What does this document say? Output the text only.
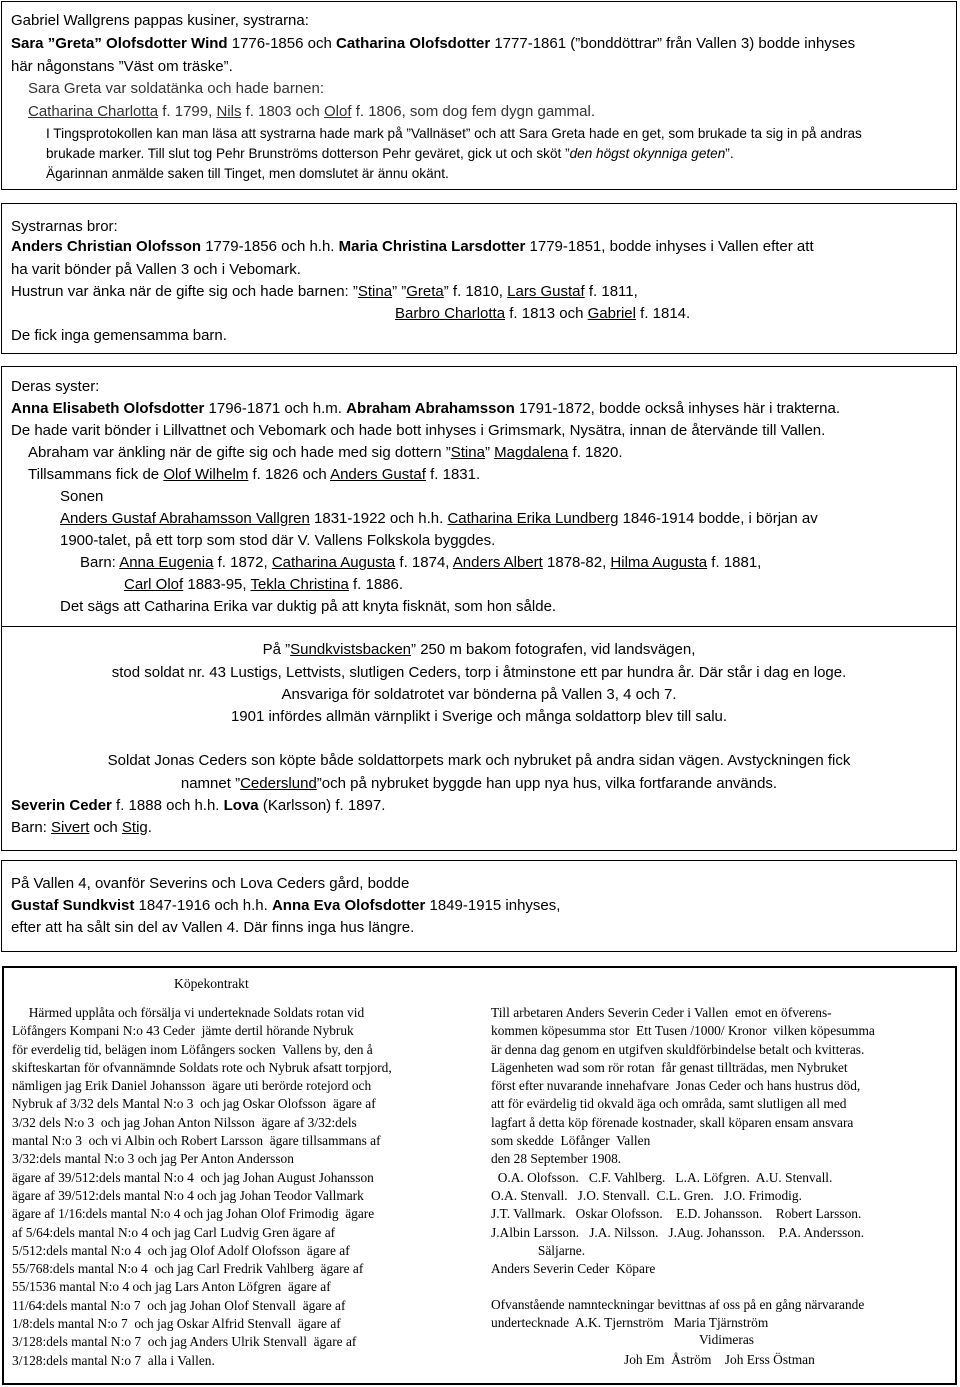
Gabriel Wallgrens pappas kusiner, systrarna:
Sara ”Greta” Olofsdotter Wind 1776-1856 och Catharina Olofsdotter 1777-1861 (”bonddöttrar” från Vallen 3) bodde inhyses
här någonstans ”Väst om träske”.
Sara Greta var soldatänka och hade barnen:
Catharina Charlotta f. 1799, Nils f. 1803 och Olof f. 1806, som dog fem dygn gammal.
I Tingsprotokollen kan man läsa att systrarna hade mark på ”Vallnäset” och att Sara Greta hade en get, som brukade ta sig in på andras
brukade marker. Till slut tog Pehr Brunströms dotterson Pehr geväret, gick ut och sköt ”den högst okynniga geten”.
Ägarinnan anmälde saken till Tinget, men domslutet är ännu okänt.
Systrarnas bror:
Anders Christian Olofsson 1779-1856 och h.h. Maria Christina Larsdotter 1779-1851, bodde inhyses i Vallen efter att
ha varit bönder på Vallen 3 och i Vebomark.
Hustrun var änka när de gifte sig och hade barnen: ”Stina” ”Greta” f. 1810, Lars Gustaf f. 1811,
Barbro Charlotta f. 1813 och Gabriel f. 1814.
De fick inga gemensamma barn.
Deras syster:
Anna Elisabeth Olofsdotter 1796-1871 och h.m. Abraham Abrahamsson 1791-1872, bodde också inhyses här i trakterna.
De hade varit bönder i Lillvattnet och Vebomark och hade bott inhyses i Grimsmark, Nysätra, innan de återvände till Vallen.
Abraham var änkling när de gifte sig och hade med sig dottern ”Stina” Magdalena f. 1820.
Tillsammans fick de Olof Wilhelm f. 1826 och Anders Gustaf f. 1831.
Sonen
Anders Gustaf Abrahamsson Vallgren 1831-1922 och h.h. Catharina Erika Lundberg 1846-1914 bodde, i början av
1900-talet, på ett torp som stod där V. Vallens Folkskola byggdes.
Barn: Anna Eugenia f. 1872, Catharina Augusta f. 1874, Anders Albert 1878-82, Hilma Augusta f. 1881,
Carl Olof 1883-95, Tekla Christina f. 1886.
Det sägs att Catharina Erika var duktig på att knyta fisknät, som hon sålde.
På ”Sundkvistsbacken” 250 m bakom fotografen, vid landsvägen,
stod soldat nr. 43 Lustigs, Lettvists, slutligen Ceders, torp i åtminstone ett par hundra år. Där står i dag en loge.
Ansvariga för soldatrotet var bönderna på Vallen 3, 4 och 7.
1901 infördes allmän värnplikt i Sverige och många soldattorp blev till salu.
Soldat Jonas Ceders son köpte både soldattorpets mark och nybruket på andra sidan vägen. Avstyckningen fick
namnet ”Cederslund”och på nybruket byggde han upp nya hus, vilka fortfarande används.
Severin Ceder f. 1888 och h.h. Lova (Karlsson) f. 1897.
Barn: Sivert och Stig.
På Vallen 4, ovanför Severins och Lova Ceders gård, bodde
Gustaf Sundkvist 1847-1916 och h.h. Anna Eva Olofsdotter 1849-1915 inhyses,
efter att ha sålt sin del av Vallen 4. Där finns inga hus längre.
Köpekontrakt
Härmed upplåta och försälja vi underteknade Soldats rotan vid
Löfångers Kompani N:o 43 Ceder  jämte dertil hörande Nybruk
för everdelig tid, belägen inom Löfångers socken  Vallens by, den å
skifteskartan för ofvannämnde Soldats rote och Nybruk afsatt torpjord,
nämligen jag Erik Daniel Johansson  ägare uti berörde rotejord och
Nybruk af 3/32 dels Mantal N:o 3  och jag Oskar Olofsson  ägare af
3/32 dels N:o 3  och jag Johan Anton Nilsson  ägare af 3/32:dels
mantal N:o 3  och vi Albin och Robert Larsson  ägare tillsammans af
3/32:dels mantal N:o 3 och jag Per Anton Andersson
ägare af 39/512:dels mantal N:o 4  och jag Johan August Johansson
ägare af 39/512:dels mantal N:o 4 och jag Johan Teodor Vallmark
ägare af 1/16:dels mantal N:o 4 och jag Johan Olof Frimodig  ägare
af 5/64:dels mantal N:o 4 och jag Carl Ludvig Gren ägare af
5/512:dels mantal N:o 4  och jag Olof Adolf Olofsson  ägare af
55/768:dels mantal N:o 4  och jag Carl Fredrik Vahlberg  ägare af
55/1536 mantal N:o 4 och jag Lars Anton Löfgren  ägare af
11/64:dels mantal N:o 7  och jag Johan Olof Stenvall  ägare af
1/8:dels mantal N:o 7  och jag Oskar Alfrid Stenvall  ägare af
3/128:dels mantal N:o 7  och jag Anders Ulrik Stenvall  ägare af
3/128:dels mantal N:o 7  alla i Vallen.
Till arbetaren Anders Severin Ceder i Vallen  emot en öfverens-
kommen köpesumma stor  Ett Tusen /1000/ Kronor  vilken köpesumma
är denna dag genom en utgifven skuldförbindelse betalt och kvitteras.
Lägenheten wad som rör rotan  får genast tillträdas, men Nybruket
först efter nuvarande innehafvare  Jonas Ceder och hans hustrus död,
att för evärdelig tid okvald äga och områda, samt slutligen all med
lagfart å detta köp förenade kostnader, skall köparen ensam ansvara
som skedde  Löfånger  Vallen
den 28 September 1908.
O.A. Olofsson.   C.F. Vahlberg.   L.A. Löfgren.  A.U. Stenvall.
O.A. Stenvall.   J.O. Stenvall.  C.L. Gren.   J.O. Frimodig.
J.T. Vallmark.   Oskar Olofsson.    E.D. Johansson.    Robert Larsson.
J.Albin Larsson.   J.A. Nilsson.   J.Aug. Johansson.    P.A. Andersson.
Säljarne.
Anders Severin Ceder  Köpare
Ofvanstående namnteckningar bevittnas af oss på en gång närvarande
undertecknade  A.K. Tjernström   Maria Tjärnström
Vidimeras
Joh Em  Åström    Joh Erss Östman
